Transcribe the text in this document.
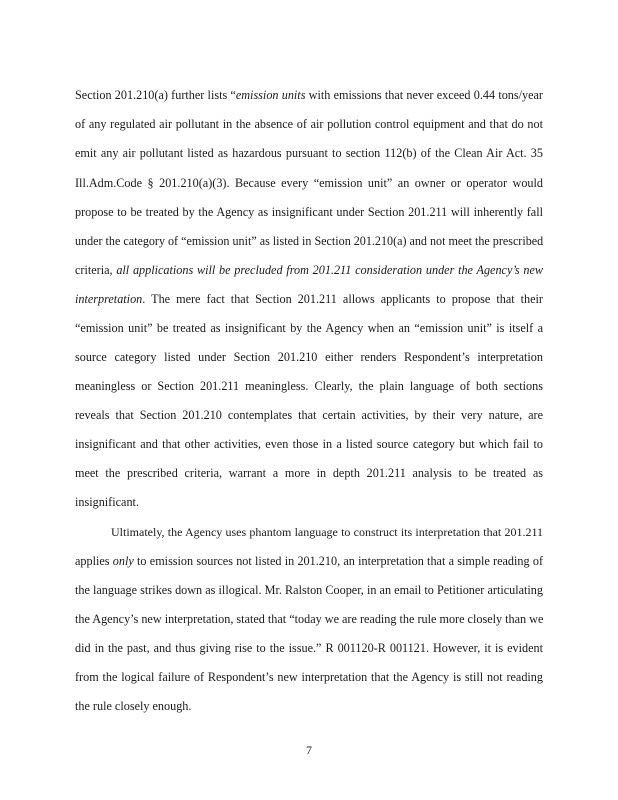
Section 201.210(a) further lists “emission units with emissions that never exceed 0.44 tons/year
of any regulated air pollutant in the absence of air pollution control equipment and that do not
emit any air pollutant listed as hazardous pursuant to section 112(b) of the Clean Air Act. 35
Ill.Adm.Code § 201.210(a)(3). Because every “emission unit” an owner or operator would
propose to be treated by the Agency as insignificant under Section 201.211 will inherently fall
under the category of “emission unit” as listed in Section 201.210(a) and not meet the prescribed
criteria, all applications will be precluded from 201.211 consideration under the Agency’s new
interpretation. The mere fact that Section 201.211 allows applicants to propose that their
“emission unit” be treated as insignificant by the Agency when an “emission unit” is itself a
source category listed under Section 201.210 either renders Respondent’s interpretation
meaningless or Section 201.211 meaningless. Clearly, the plain language of both sections
reveals that Section 201.210 contemplates that certain activities, by their very nature, are
insignificant and that other activities, even those in a listed source category but which fail to
meet the prescribed criteria, warrant a more in depth 201.211 analysis to be treated as
insignificant.
Ultimately, the Agency uses phantom language to construct its interpretation that 201.211
applies only to emission sources not listed in 201.210, an interpretation that a simple reading of
the language strikes down as illogical. Mr. Ralston Cooper, in an email to Petitioner articulating
the Agency’s new interpretation, stated that “today we are reading the rule more closely than we
did in the past, and thus giving rise to the issue.” R 001120-R 001121. However, it is evident
from the logical failure of Respondent’s new interpretation that the Agency is still not reading
the rule closely enough.
7
